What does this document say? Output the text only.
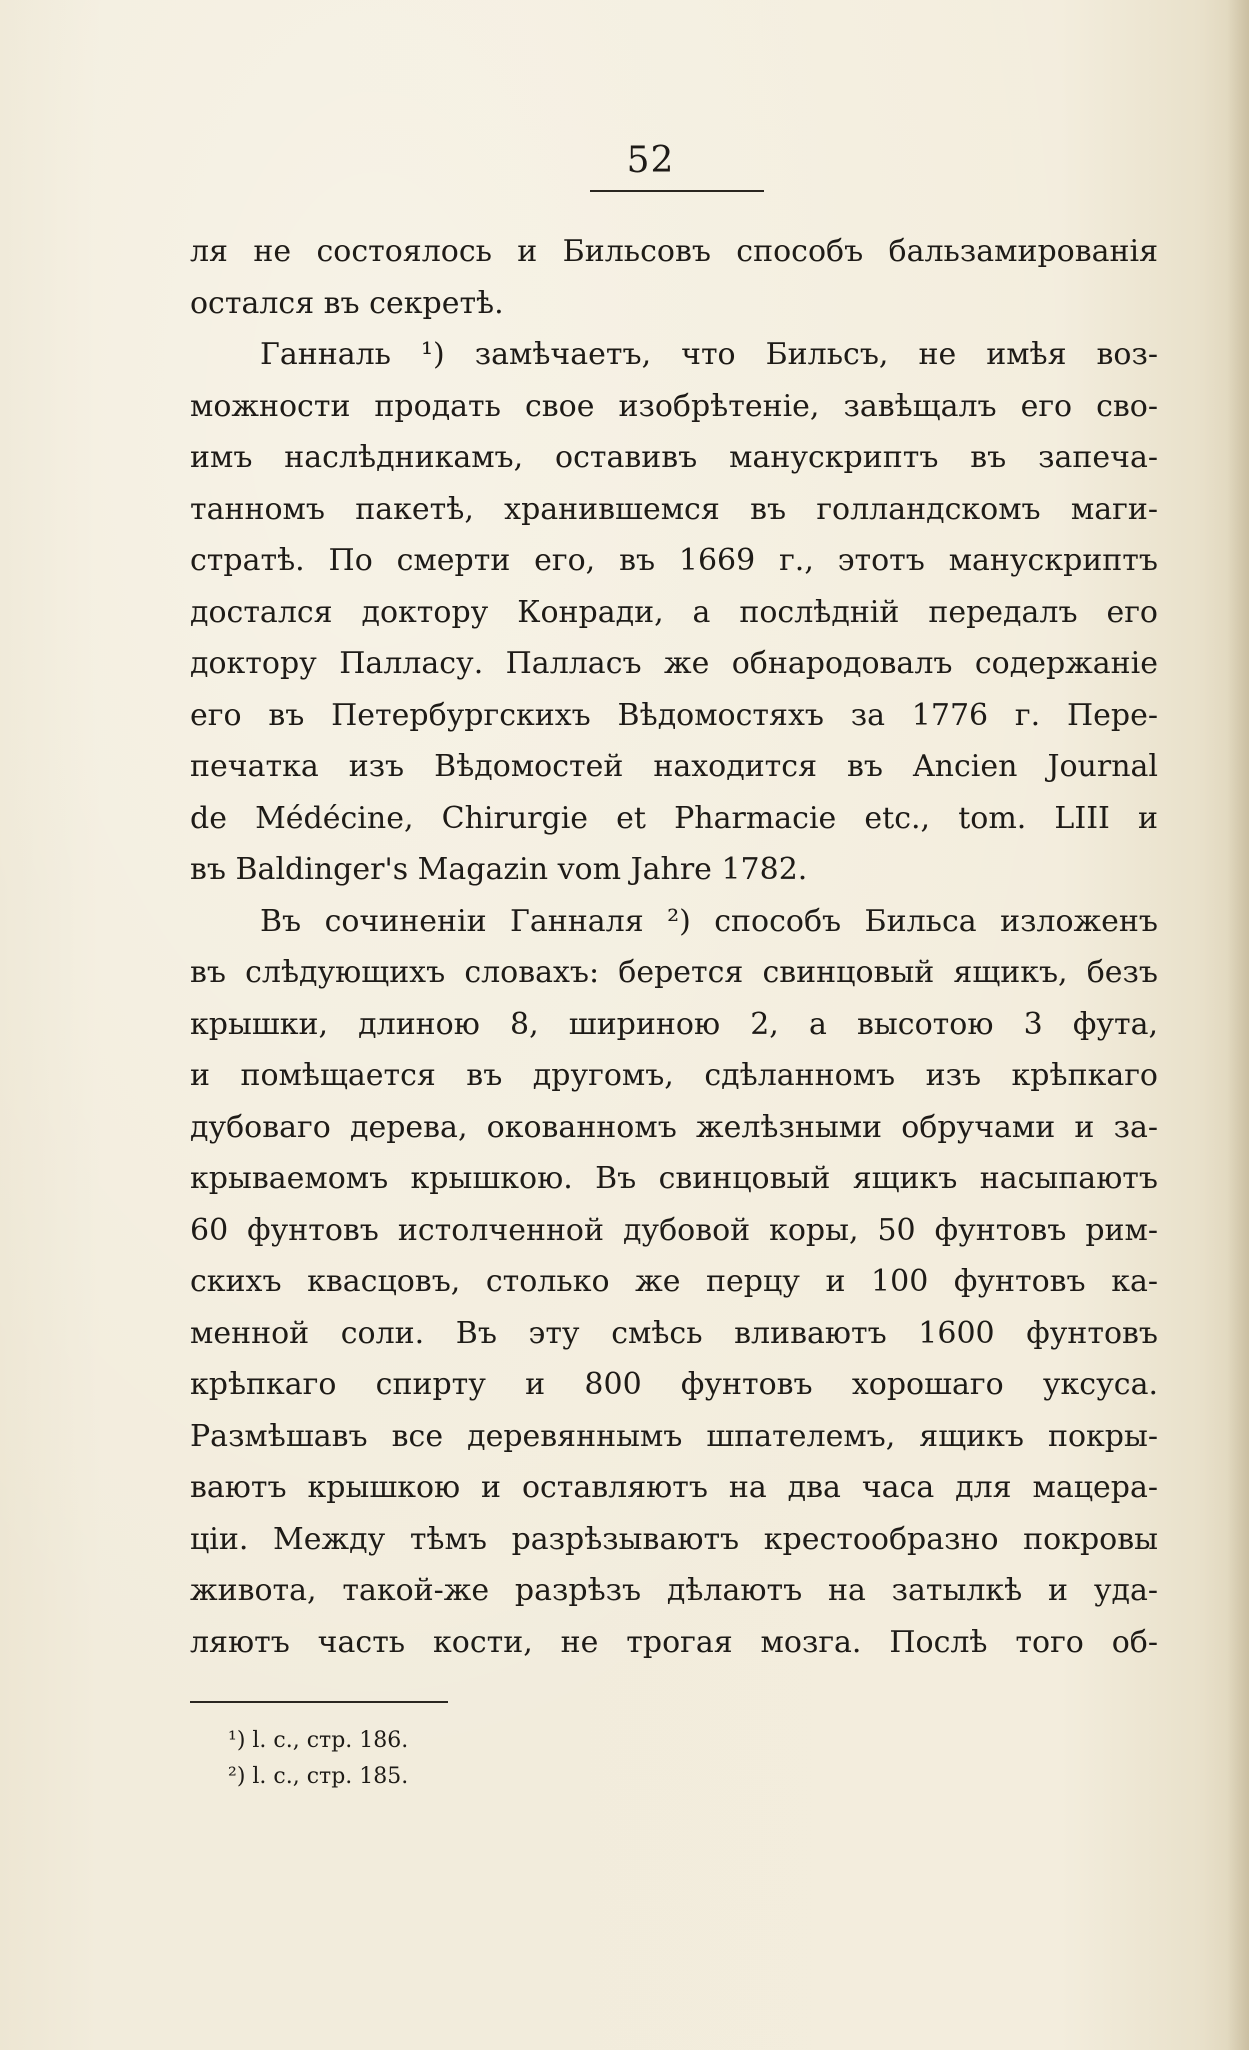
52
ля не состоялось и Бильсовъ способъ бальзамированія
остался въ секретѣ.
Ганналь ¹) замѣчаетъ, что Бильсъ, не имѣя воз-
можности продать свое изобрѣтеніе, завѣщалъ его сво-
имъ наслѣдникамъ, оставивъ манускриптъ въ запеча-
танномъ пакетѣ, хранившемся въ голландскомъ маги-
стратѣ. По смерти его, въ 1669 г., этотъ манускриптъ
достался доктору Конради, а послѣдній передалъ его
доктору Палласу. Палласъ же обнародовалъ содержаніе
его въ Петербургскихъ Вѣдомостяхъ за 1776 г. Пере-
печатка изъ Вѣдомостей находится въ Ancien Journal
de Médécine, Chirurgie et Pharmacie etc., tom. LIII и
въ Baldinger's Magazin vom Jahre 1782.
Въ сочиненіи Ганналя ²) способъ Бильса изложенъ
въ слѣдующихъ словахъ: берется свинцовый ящикъ, безъ
крышки, длиною 8, шириною 2, а высотою 3 фута,
и помѣщается въ другомъ, сдѣланномъ изъ крѣпкаго
дубоваго дерева, окованномъ желѣзными обручами и за-
крываемомъ крышкою. Въ свинцовый ящикъ насыпаютъ
60 фунтовъ истолченной дубовой коры, 50 фунтовъ рим-
скихъ квасцовъ, столько же перцу и 100 фунтовъ ка-
менной соли. Въ эту смѣсь вливаютъ 1600 фунтовъ
крѣпкаго спирту и 800 фунтовъ хорошаго уксуса.
Размѣшавъ все деревяннымъ шпателемъ, ящикъ покры-
ваютъ крышкою и оставляютъ на два часа для мацера-
ціи. Между тѣмъ разрѣзываютъ крестообразно покровы
живота, такой-же разрѣзъ дѣлаютъ на затылкѣ и уда-
ляютъ часть кости, не трогая мозга. Послѣ того об-
¹) l. c., стр. 186.
²) l. c., стр. 185.
